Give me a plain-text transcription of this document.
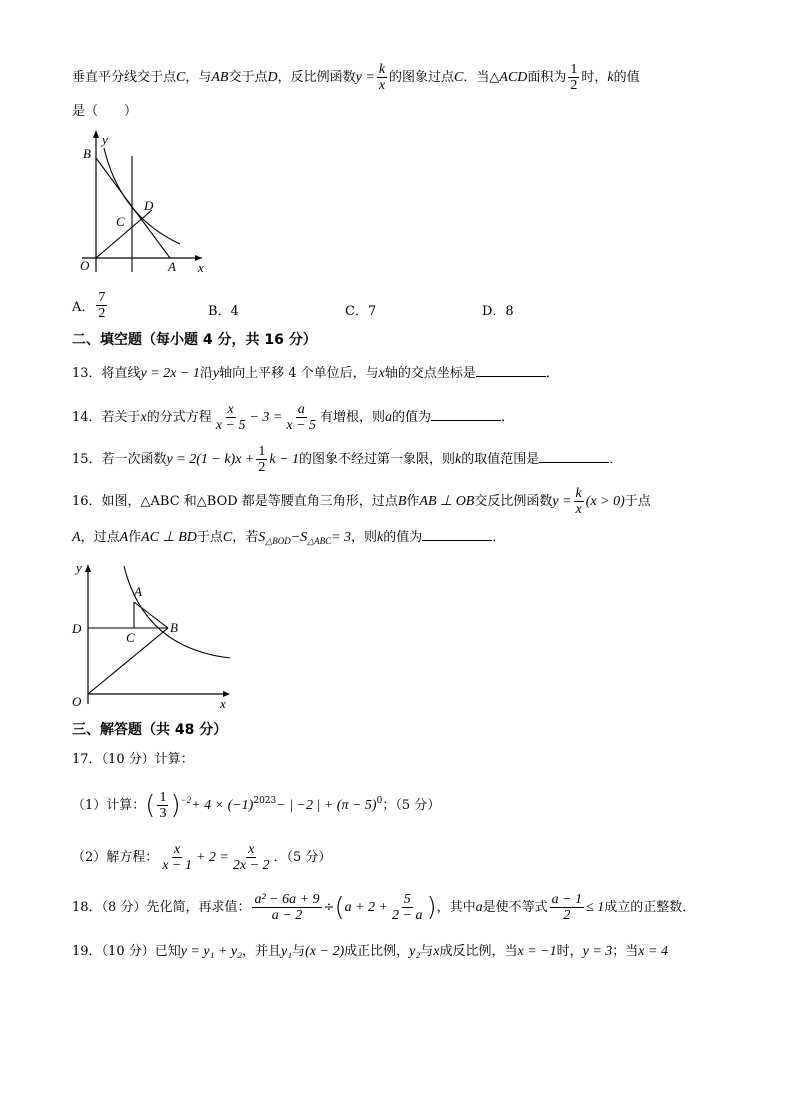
垂直平分线交于点C，与AB交于点D，反比例函数$y = \frac{k}{x}$ 的图象过点C．当△ACD面积为 $\frac{1}{2}$ 时，k的值
是（　　）
y
B
D
C
O	A x
A． $\frac{7}{2}$	B．4	C．7	D．8
二、填空题（每小题 4 分，共 16 分）
13．将直线y = 2x − 1沿y轴向上平移 4 个单位后，与x轴的交点坐标是	．
14．若关于x的分式方程 $\frac{x}{x - 5} - 3 = \frac{a}{x - 5}$ 有增根，则a的值为	．
15．若一次函数$y = 2(1 - k)x + \frac{1}{2}$ k − 1的图象不经过第一象限，则k的取值范围是	．
16．如图，△ABC 和△BOD 都是等腰直角三角形，过点B作AB ⊥ OB交反比例函数$y = \frac{k}{x} (x > 0)$于点
A，过点A作AC ⊥ BD于点C，若$S_{\triangle BOD}-S_{\triangle ABC}= 3$，则k的值为	．
y
A
D
C
B
O	x
三、解答题（共 48 分）
17．（10 分）计算：
（1）计算：( $\frac{1}{3} )^{-2}+ 4 \times (-1)^{2023}-$ | −2 | + $(\pi - 5)^0$；（5 分）
（2）解方程： $\frac{x}{x - 1} + 2 = \frac{x}{2x - 2}$ ．（5 分）
18．（8 分）先化简，再求值： $\frac{\text{a² − 6a + 9}}{a - 2} \div(a + 2 + \frac{5}{2 - a}$ )，其中a是使不等式 $\frac{a - 1}{2} \le 1$成立的正整数．
19．（10 分）已知y = y₁ + y₂，并且y₁与(x − 2)成正比例，y₂与x成反比例，当x = −1时，y = 3；当x = 4
